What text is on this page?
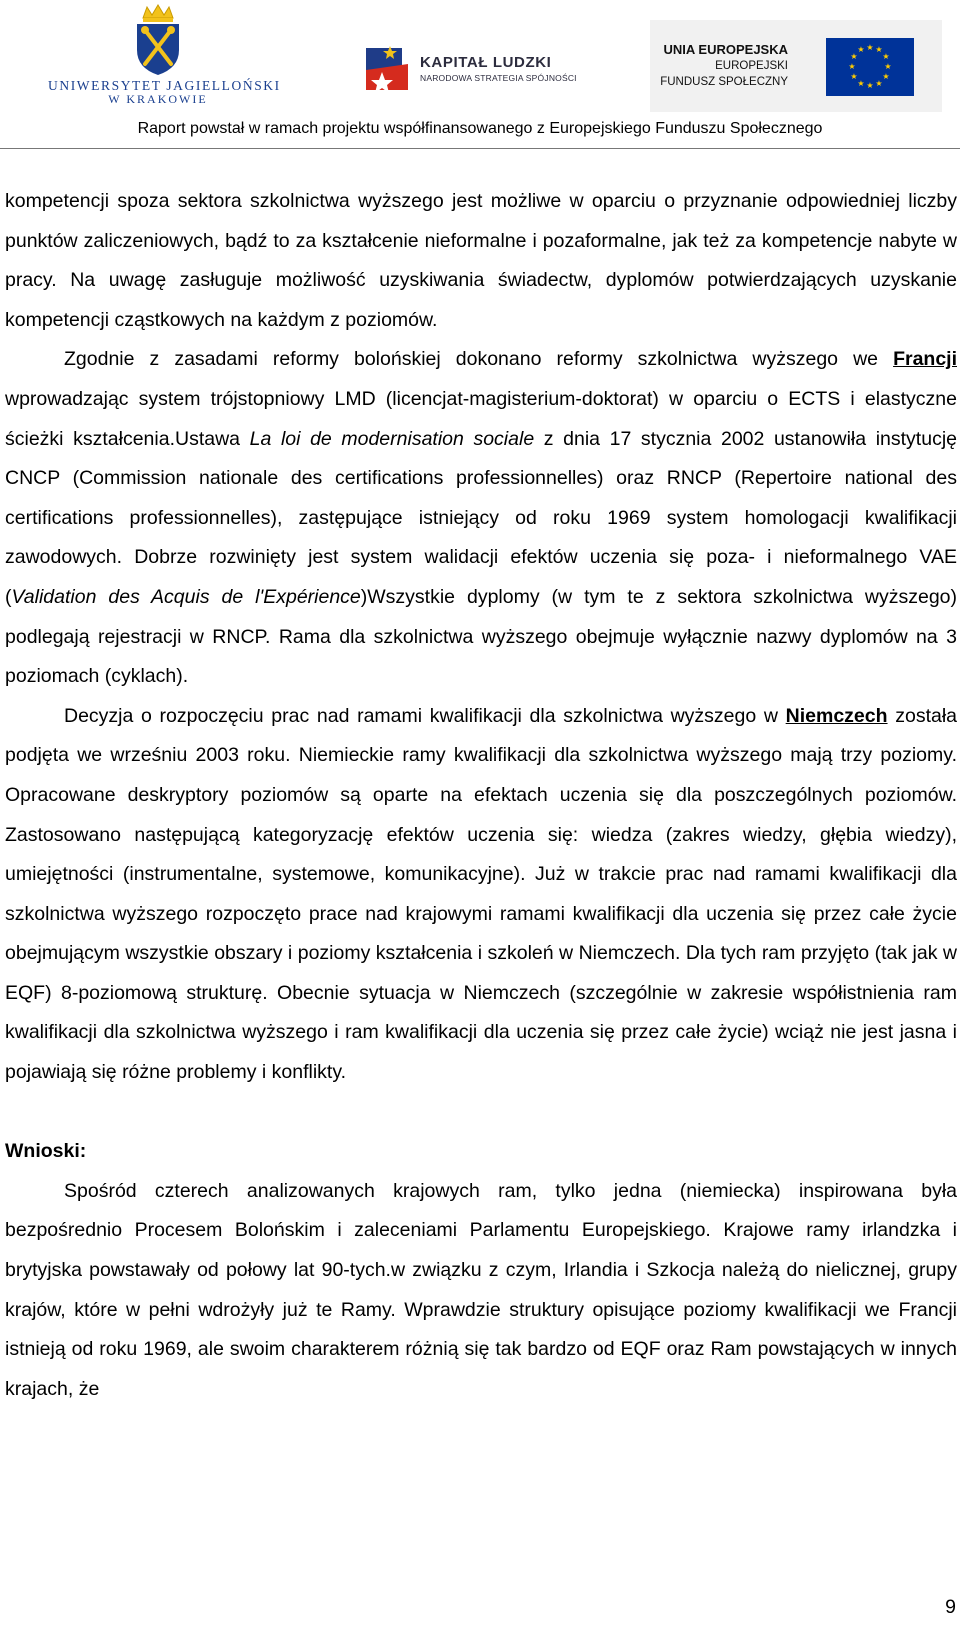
UNIWERSYTET JAGIELLOŃSKI
W KRAKOWIE
KAPITAŁ LUDZKI
NARODOWA STRATEGIA SPÓJNOŚCI
UNIA EUROPEJSKA
EUROPEJSKI
FUNDUSZ SPOŁECZNY
★ ★
★
★
★
★
★
★
★
★
★
★
Raport powstał w ramach projektu współfinansowanego z Europejskiego Funduszu Społecznego

kompetencji spoza sektora szkolnictwa wyższego jest możliwe w oparciu o przyznanie odpowiedniej liczby punktów zaliczeniowych, bądź to za kształcenie nieformalne i pozaformalne, jak też za kompetencje nabyte w pracy. Na uwagę zasługuje możliwość uzyskiwania świadectw, dyplomów potwierdzających uzyskanie kompetencji cząstkowych na każdym z poziomów.

Zgodnie z zasadami reformy bolońskiej dokonano reformy szkolnictwa wyższego we Francji wprowadzając system trójstopniowy LMD (licencjat-magisterium-doktorat) w oparciu o ECTS i elastyczne ścieżki kształcenia.Ustawa La loi de modernisation sociale z dnia 17 stycznia 2002 ustanowiła instytucję CNCP (Commission nationale des certifications professionnelles) oraz RNCP (Repertoire national des certifications professionnelles), zastępujące istniejący od roku 1969 system homologacji kwalifikacji zawodowych. Dobrze rozwinięty jest system walidacji efektów uczenia się poza- i nieformalnego VAE (Validation des Acquis de l'Expérience)Wszystkie dyplomy (w tym te z sektora szkolnictwa wyższego) podlegają rejestracji w RNCP. Rama dla szkolnictwa wyższego obejmuje wyłącznie nazwy dyplomów na 3 poziomach (cyklach).

Decyzja o rozpoczęciu prac nad ramami kwalifikacji dla szkolnictwa wyższego w Niemczech została podjęta we wrześniu 2003 roku. Niemieckie ramy kwalifikacji dla szkolnictwa wyższego mają trzy poziomy. Opracowane deskryptory poziomów są oparte na efektach uczenia się dla poszczególnych poziomów. Zastosowano następującą kategoryzację efektów uczenia się: wiedza (zakres wiedzy, głębia wiedzy), umiejętności (instrumentalne, systemowe, komunikacyjne). Już w trakcie prac nad ramami kwalifikacji dla szkolnictwa wyższego rozpoczęto prace nad krajowymi ramami kwalifikacji dla uczenia się przez całe życie obejmującym wszystkie obszary i poziomy kształcenia i szkoleń w Niemczech. Dla tych ram przyjęto (tak jak w EQF) 8-poziomową strukturę. Obecnie sytuacja w Niemczech (szczególnie w zakresie współistnienia ram kwalifikacji dla szkolnictwa wyższego i ram kwalifikacji dla uczenia się przez całe życie) wciąż nie jest jasna i pojawiają się różne problemy i konflikty.

Wnioski:

Spośród czterech analizowanych krajowych ram, tylko jedna (niemiecka) inspirowana była bezpośrednio Procesem Bolońskim i zaleceniami Parlamentu Europejskiego. Krajowe ramy irlandzka i brytyjska powstawały od połowy lat 90-tych.w związku z czym, Irlandia i Szkocja należą do nielicznej, grupy krajów, które w pełni wdrożyły już te Ramy. Wprawdzie struktury opisujące poziomy kwalifikacji we Francji istnieją od roku 1969, ale swoim charakterem różnią się tak bardzo od EQF oraz Ram powstających w innych krajach, że

9
